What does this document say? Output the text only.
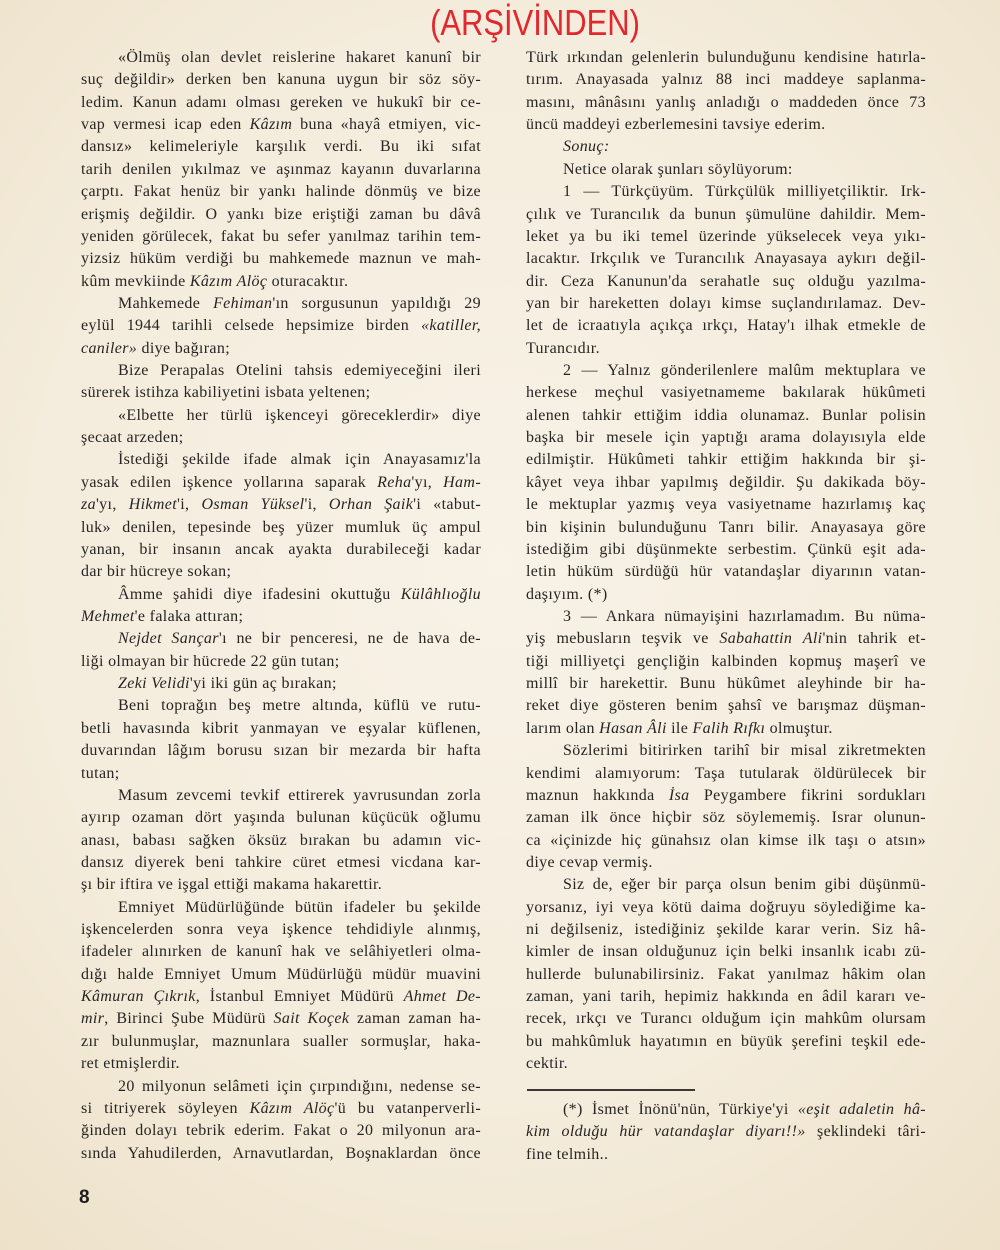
(ARŞİVİNDEN)
«Ölmüş olan devlet reislerine hakaret kanunî bir
suç değildir» derken ben kanuna uygun bir söz söy-
ledim. Kanun adamı olması gereken ve hukukî bir ce-
vap vermesi icap eden Kâzım buna «hayâ etmiyen, vic-
dansız» kelimeleriyle karşılık verdi. Bu iki sıfat
tarih denilen yıkılmaz ve aşınmaz kayanın duvarlarına
çarptı. Fakat henüz bir yankı halinde dönmüş ve bize
erişmiş değildir. O yankı bize eriştiği zaman bu dâvâ
yeniden görülecek, fakat bu sefer yanılmaz tarihin tem-
yizsiz hüküm verdiği bu mahkemede maznun ve mah-
kûm mevkiinde Kâzım Alöç oturacaktır.
Mahkemede Fehiman'ın sorgusunun yapıldığı 29
eylül 1944 tarihli celsede hepsimize birden «katiller,
caniler» diye bağıran;
Bize Perapalas Otelini tahsis edemiyeceğini ileri
sürerek istihza kabiliyetini isbata yeltenen;
«Elbette her türlü işkenceyi göreceklerdir» diye
şecaat arzeden;
İstediği şekilde ifade almak için Anayasamız'la
yasak edilen işkence yollarına saparak Reha'yı, Ham-
za'yı, Hikmet'i, Osman Yüksel'i, Orhan Şaik'i «tabut-
luk» denilen, tepesinde beş yüzer mumluk üç ampul
yanan, bir insanın ancak ayakta durabileceği kadar
dar bir hücreye sokan;
Âmme şahidi diye ifadesini okuttuğu Külâhlıoğlu
Mehmet'e falaka attıran;
Nejdet Sançar'ı ne bir penceresi, ne de hava de-
liği olmayan bir hücrede 22 gün tutan;
Zeki Velidi'yi iki gün aç bırakan;
Beni toprağın beş metre altında, küflü ve rutu-
betli havasında kibrit yanmayan ve eşyalar küflenen,
duvarından lâğım borusu sızan bir mezarda bir hafta
tutan;
Masum zevcemi tevkif ettirerek yavrusundan zorla
ayırıp ozaman dört yaşında bulunan küçücük oğlumu
anası, babası sağken öksüz bırakan bu adamın vic-
dansız diyerek beni tahkire cüret etmesi vicdana kar-
şı bir iftira ve işgal ettiği makama hakarettir.
Emniyet Müdürlüğünde bütün ifadeler bu şekilde
işkencelerden sonra veya işkence tehdidiyle alınmış,
ifadeler alınırken de kanunî hak ve selâhiyetleri olma-
dığı halde Emniyet Umum Müdürlüğü müdür muavini
Kâmuran Çıkrık, İstanbul Emniyet Müdürü Ahmet De-
mir, Birinci Şube Müdürü Sait Koçek zaman zaman ha-
zır bulunmuşlar, maznunlara sualler sormuşlar, haka-
ret etmişlerdir.
20 milyonun selâmeti için çırpındığını, nedense se-
si titriyerek söyleyen Kâzım Alöç'ü bu vatanperverli-
ğinden dolayı tebrik ederim. Fakat o 20 milyonun ara-
sında Yahudilerden, Arnavutlardan, Boşnaklardan önce
Türk ırkından gelenlerin bulunduğunu kendisine hatırla-
tırım. Anayasada yalnız 88 inci maddeye saplanma-
masını, mânâsını yanlış anladığı o maddeden önce 73
üncü maddeyi ezberlemesini tavsiye ederim.
Sonuç:
Netice olarak şunları söylüyorum:
1 — Türkçüyüm. Türkçülük milliyetçiliktir. Irk-
çılık ve Turancılık da bunun şümulüne dahildir. Mem-
leket ya bu iki temel üzerinde yükselecek veya yıkı-
lacaktır. Irkçılık ve Turancılık Anayasaya aykırı değil-
dir. Ceza Kanunun'da serahatle suç olduğu yazılma-
yan bir hareketten dolayı kimse suçlandırılamaz. Dev-
let de icraatıyla açıkça ırkçı, Hatay'ı ilhak etmekle de
Turancıdır.
2 — Yalnız gönderilenlere malûm mektuplara ve
herkese meçhul vasiyetnameme bakılarak hükûmeti
alenen tahkir ettiğim iddia olunamaz. Bunlar polisin
başka bir mesele için yaptığı arama dolayısıyla elde
edilmiştir. Hükûmeti tahkir ettiğim hakkında bir şi-
kâyet veya ihbar yapılmış değildir. Şu dakikada böy-
le mektuplar yazmış veya vasiyetname hazırlamış kaç
bin kişinin bulunduğunu Tanrı bilir. Anayasaya göre
istediğim gibi düşünmekte serbestim. Çünkü eşit ada-
letin hüküm sürdüğü hür vatandaşlar diyarının vatan-
daşıyım. (*)
3 — Ankara nümayişini hazırlamadım. Bu nüma-
yiş mebusların teşvik ve Sabahattin Ali'nin tahrik et-
tiği milliyetçi gençliğin kalbinden kopmuş maşerî ve
millî bir harekettir. Bunu hükûmet aleyhinde bir ha-
reket diye gösteren benim şahsî ve barışmaz düşman-
larım olan Hasan Âli ile Falih Rıfkı olmuştur.
Sözlerimi bitirirken tarihî bir misal zikretmekten
kendimi alamıyorum: Taşa tutularak öldürülecek bir
maznun hakkında İsa Peygambere fikrini sordukları
zaman ilk önce hiçbir söz söylememiş. Israr olunun-
ca «içinizde hiç günahsız olan kimse ilk taşı o atsın»
diye cevap vermiş.
Siz de, eğer bir parça olsun benim gibi düşünmü-
yorsanız, iyi veya kötü daima doğruyu söylediğime ka-
ni değilseniz, istediğiniz şekilde karar verin. Siz hâ-
kimler de insan olduğunuz için belki insanlık icabı zü-
hullerde bulunabilirsiniz. Fakat yanılmaz hâkim olan
zaman, yani tarih, hepimiz hakkında en âdil kararı ve-
recek, ırkçı ve Turancı olduğum için mahkûm olursam
bu mahkûmluk hayatımın en büyük şerefini teşkil ede-
cektir.
(*) İsmet İnönü'nün, Türkiye'yi «eşit adaletin hâ-
kim olduğu hür vatandaşlar diyarı!!» şeklindeki târi-
fine telmih..
8
